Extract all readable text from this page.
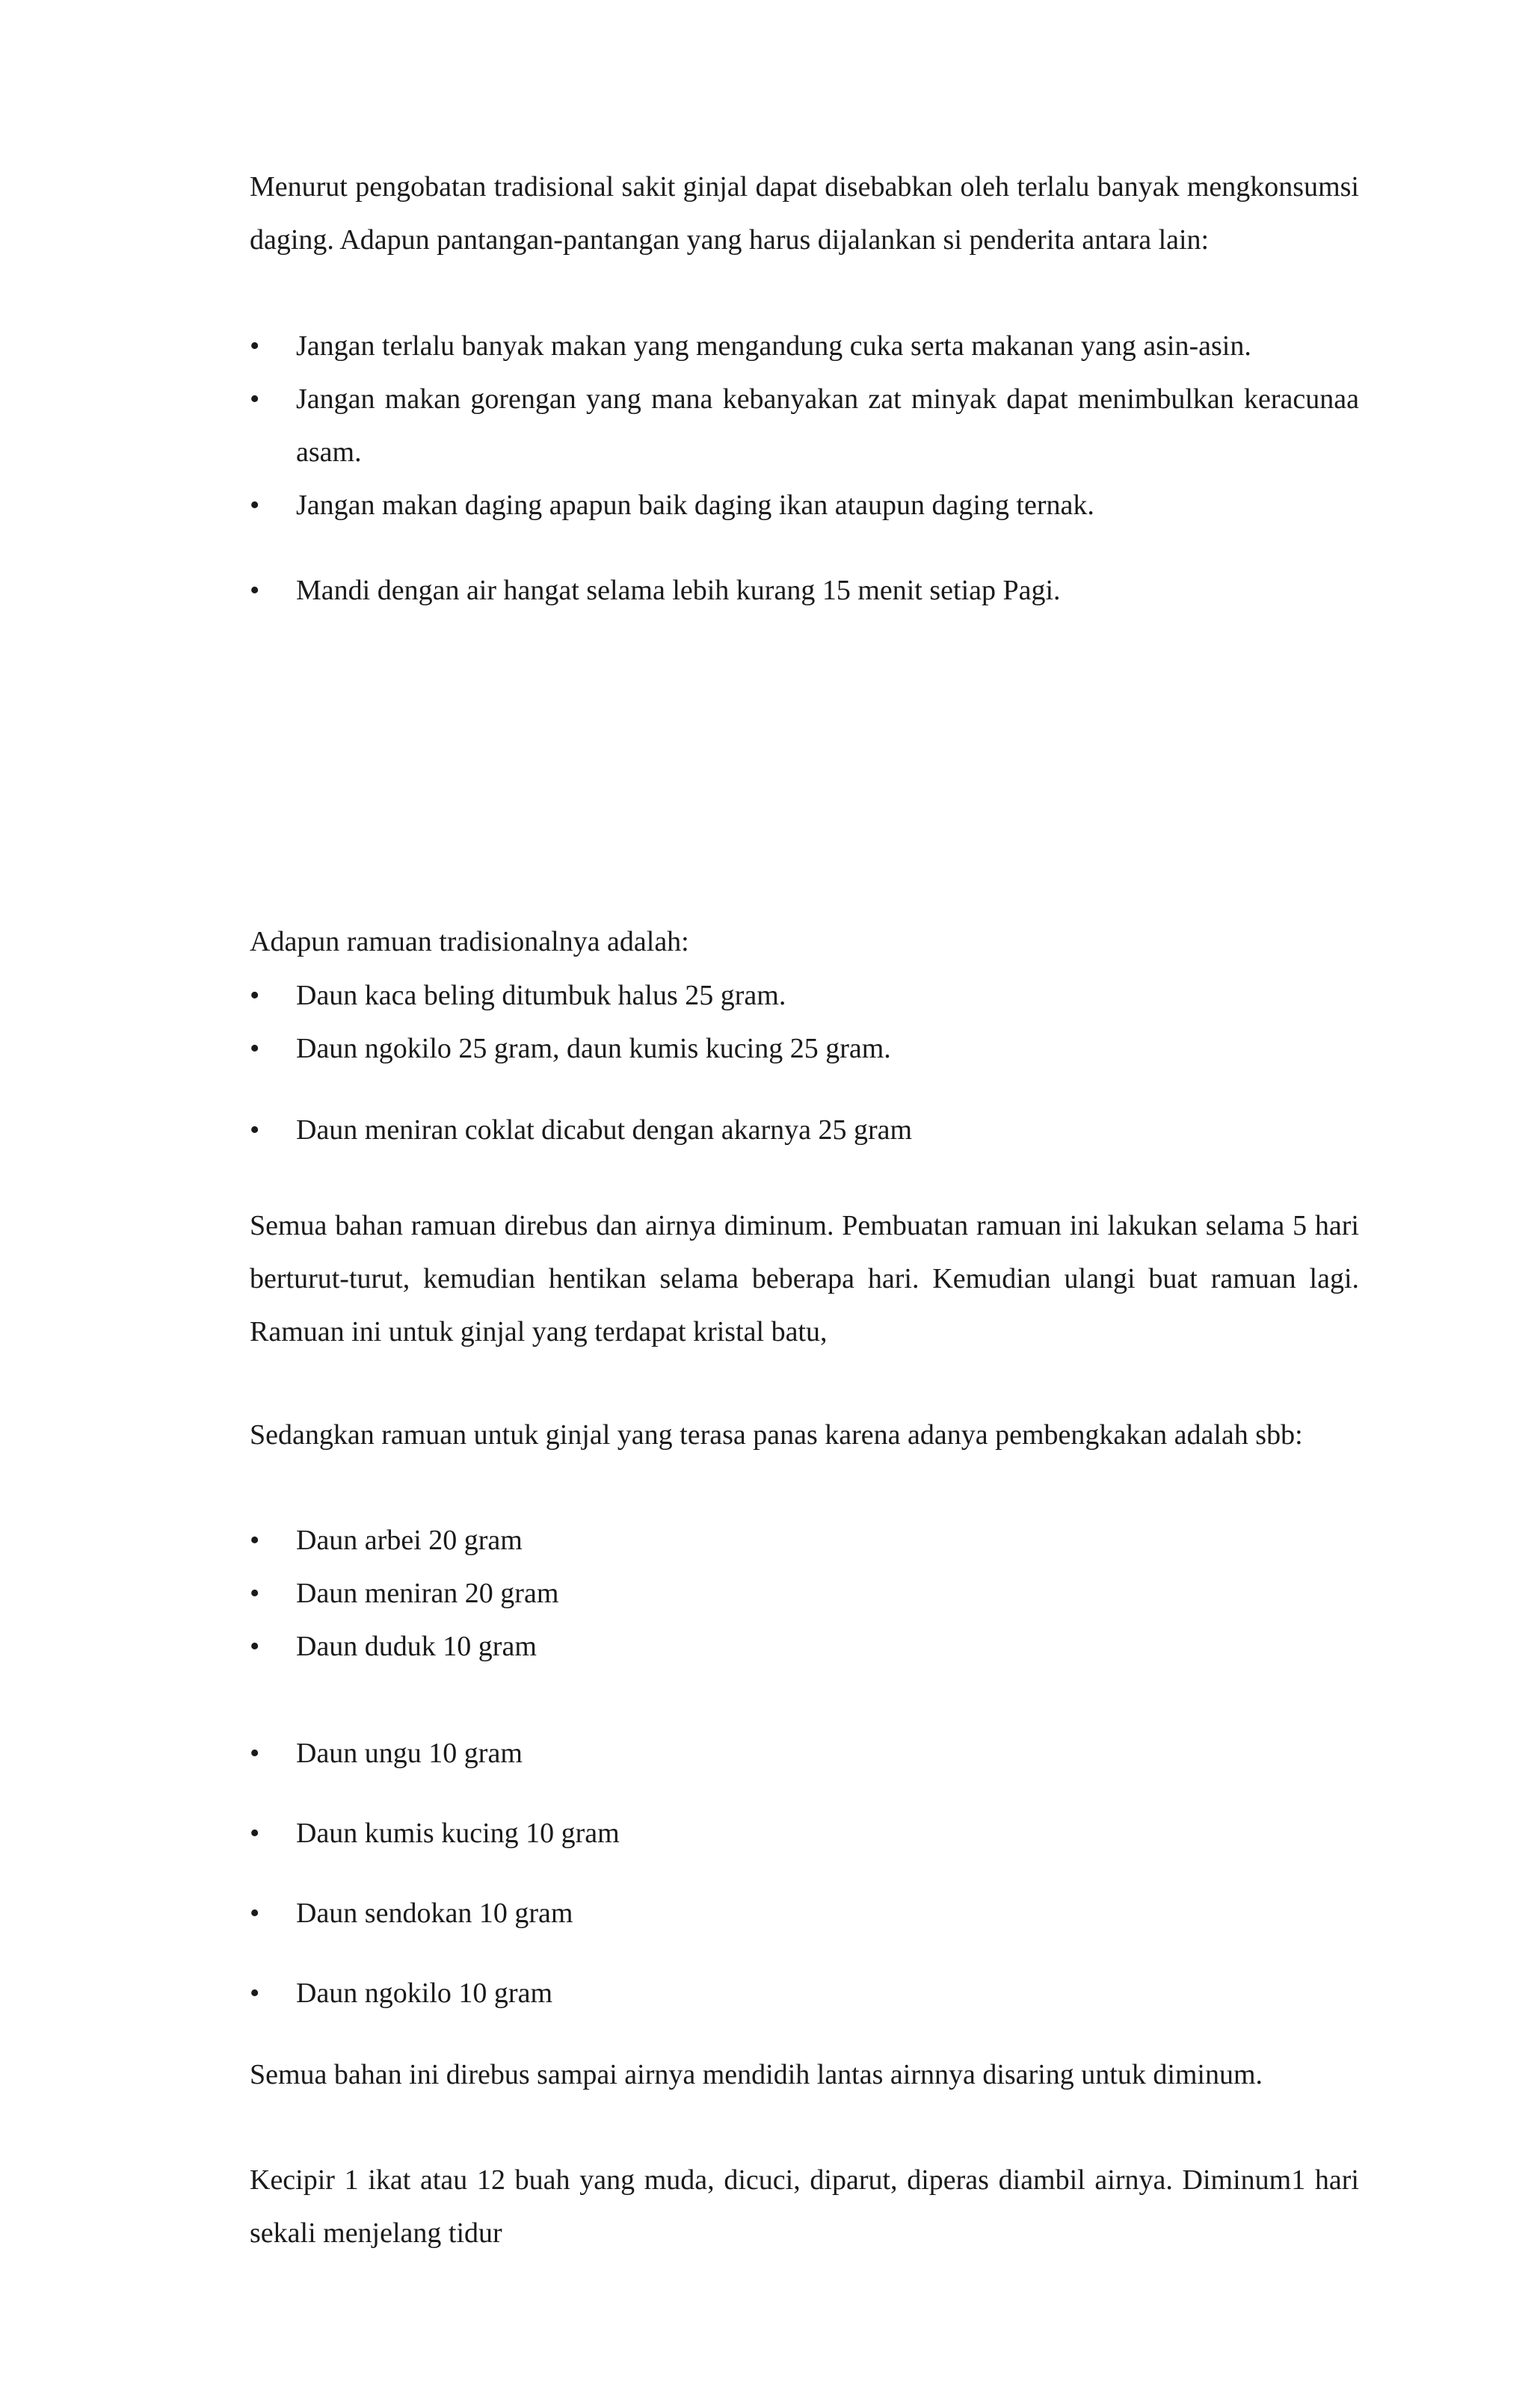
Menurut pengobatan tradisional sakit ginjal dapat disebabkan oleh terlalu banyak mengkonsumsi daging. Adapun pantangan-pantangan yang harus dijalankan si penderita antara lain:

• Jangan terlalu banyak makan yang mengandung cuka serta makanan yang asin-asin.
• Jangan makan gorengan yang mana kebanyakan zat minyak dapat menimbulkan keracunaa asam.
• Jangan makan daging apapun baik daging ikan ataupun daging ternak.
• Mandi dengan air hangat selama lebih kurang 15 menit setiap Pagi.

Adapun ramuan tradisionalnya adalah:

• Daun kaca beling ditumbuk halus 25 gram.
• Daun ngokilo 25 gram, daun kumis kucing 25 gram.
• Daun meniran coklat dicabut dengan akarnya 25 gram

Semua bahan ramuan direbus dan airnya diminum. Pembuatan ramuan ini lakukan selama 5 hari berturut-turut, kemudian hentikan selama beberapa hari. Kemudian ulangi buat ramuan lagi. Ramuan ini untuk ginjal yang terdapat kristal batu,

Sedangkan ramuan untuk ginjal yang terasa panas karena adanya pembengkakan adalah sbb:

• Daun arbei 20 gram
• Daun meniran 20 gram
• Daun duduk 10 gram
• Daun ungu 10 gram
• Daun kumis kucing 10 gram
• Daun sendokan 10 gram
• Daun ngokilo 10 gram

Semua bahan ini direbus sampai airnya mendidih lantas airnnya disaring untuk diminum.

Kecipir 1 ikat atau 12 buah yang muda, dicuci, diparut, diperas diambil airnya. Diminum1 hari sekali menjelang tidur
